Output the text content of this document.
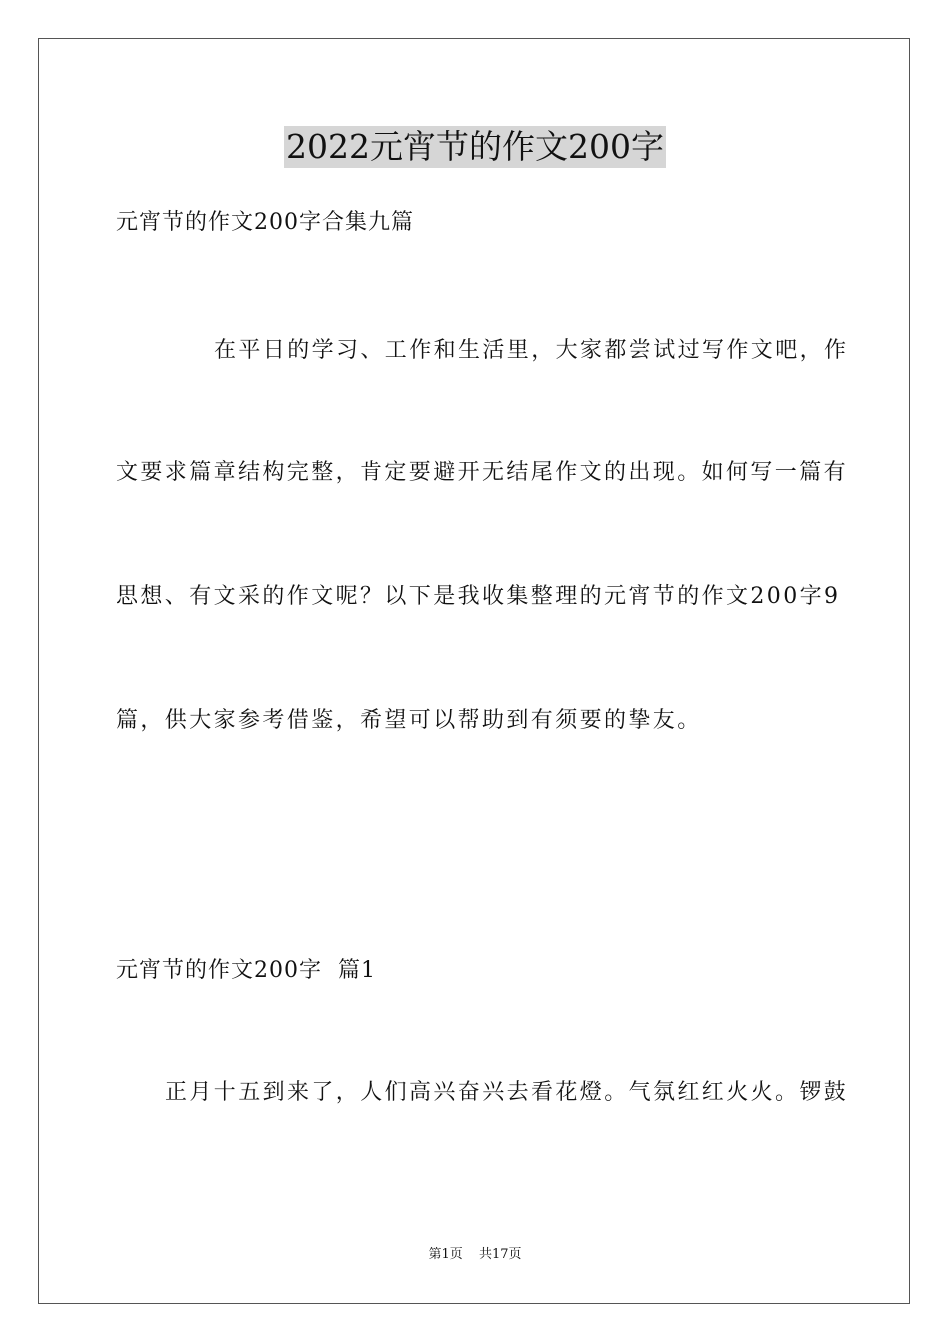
2022元宵节的作文200字
元宵节的作文200字合集九篇
在平日的学习、工作和生活里，大家都尝试过写作文吧，作
文要求篇章结构完整，肯定要避开无结尾作文的出现。如何写一篇有
思想、有文采的作文呢？以下是我收集整理的元宵节的作文200字9
篇，供大家参考借鉴，希望可以帮助到有须要的挚友。
元宵节的作文200字  篇1
正月十五到来了，人们高兴奋兴去看花燈。气氛红红火火。锣鼓
第1页 共17页
